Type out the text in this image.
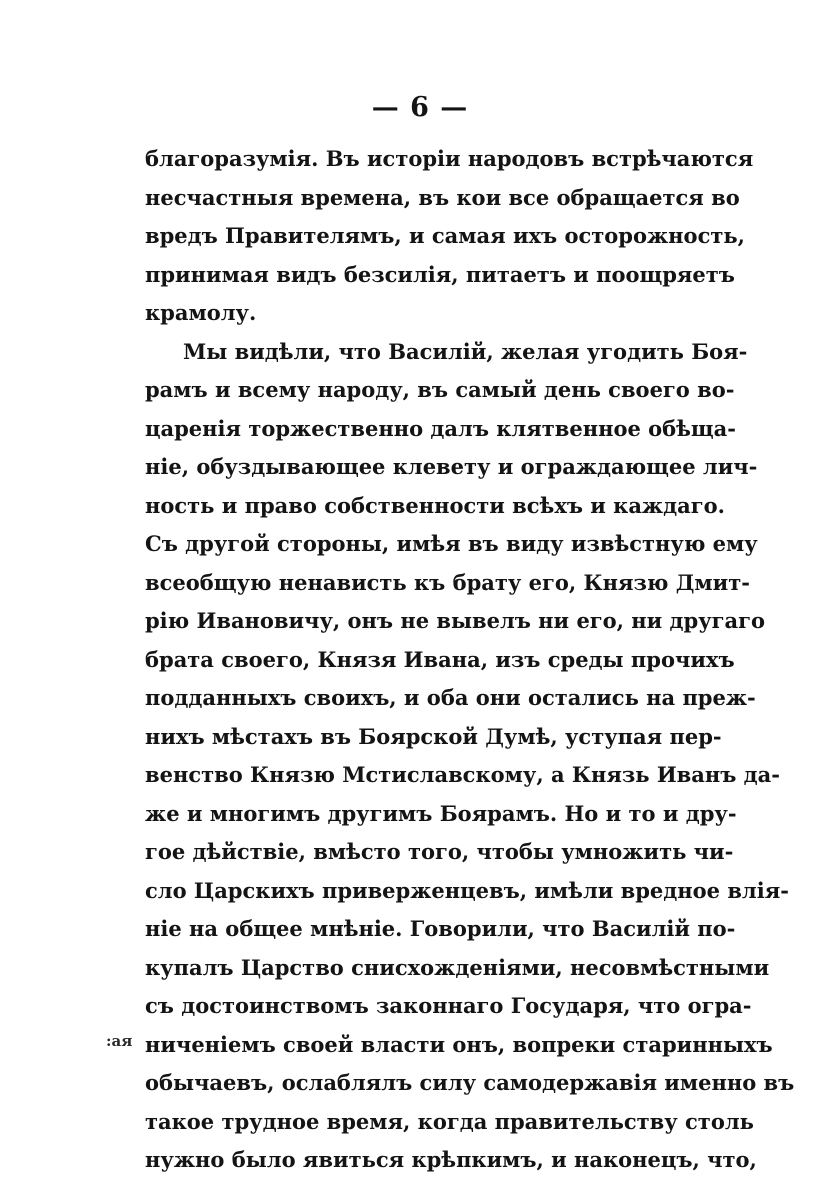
— 6 —
:ая
благоразумія. Въ исторіи народовъ встрѣчаются
несчастныя времена, въ кои все обращается во
вредъ Правителямъ, и самая ихъ осторожность,
принимая видъ безсилія, питаетъ и поощряетъ
крамолу.
Мы видѣли, что Василій, желая угодить Боя-
рамъ и всему народу, въ самый день своего во-
царенія торжественно далъ клятвенное обѣща-
ніе, обуздывающее клевету и ограждающее лич-
ность и право собственности всѣхъ и каждаго.
Съ другой стороны, имѣя въ виду извѣстную ему
всеобщую ненависть къ брату его, Князю Дмит-
рію Ивановичу, онъ не вывелъ ни его, ни другаго
брата своего, Князя Ивана, изъ среды прочихъ
подданныхъ своихъ, и оба они остались на преж-
нихъ мѣстахъ въ Боярской Думѣ, уступая пер-
венство Князю Мстиславскому, а Князь Иванъ да-
же и многимъ другимъ Боярамъ. Но и то и дру-
гое дѣйствіе, вмѣсто того, чтобы умножить чи-
сло Царскихъ приверженцевъ, имѣли вредное влія-
ніе на общее мнѣніе. Говорили, что Василій по-
купалъ Царство снисхожденіями, несовмѣстными
съ достоинствомъ законнаго Государя, что огра-
ниченіемъ своей власти онъ, вопреки старинныхъ
обычаевъ, ослаблялъ силу самодержавія именно въ
такое трудное время, когда правительству столь
нужно было явиться крѣпкимъ, и наконецъ, что,
